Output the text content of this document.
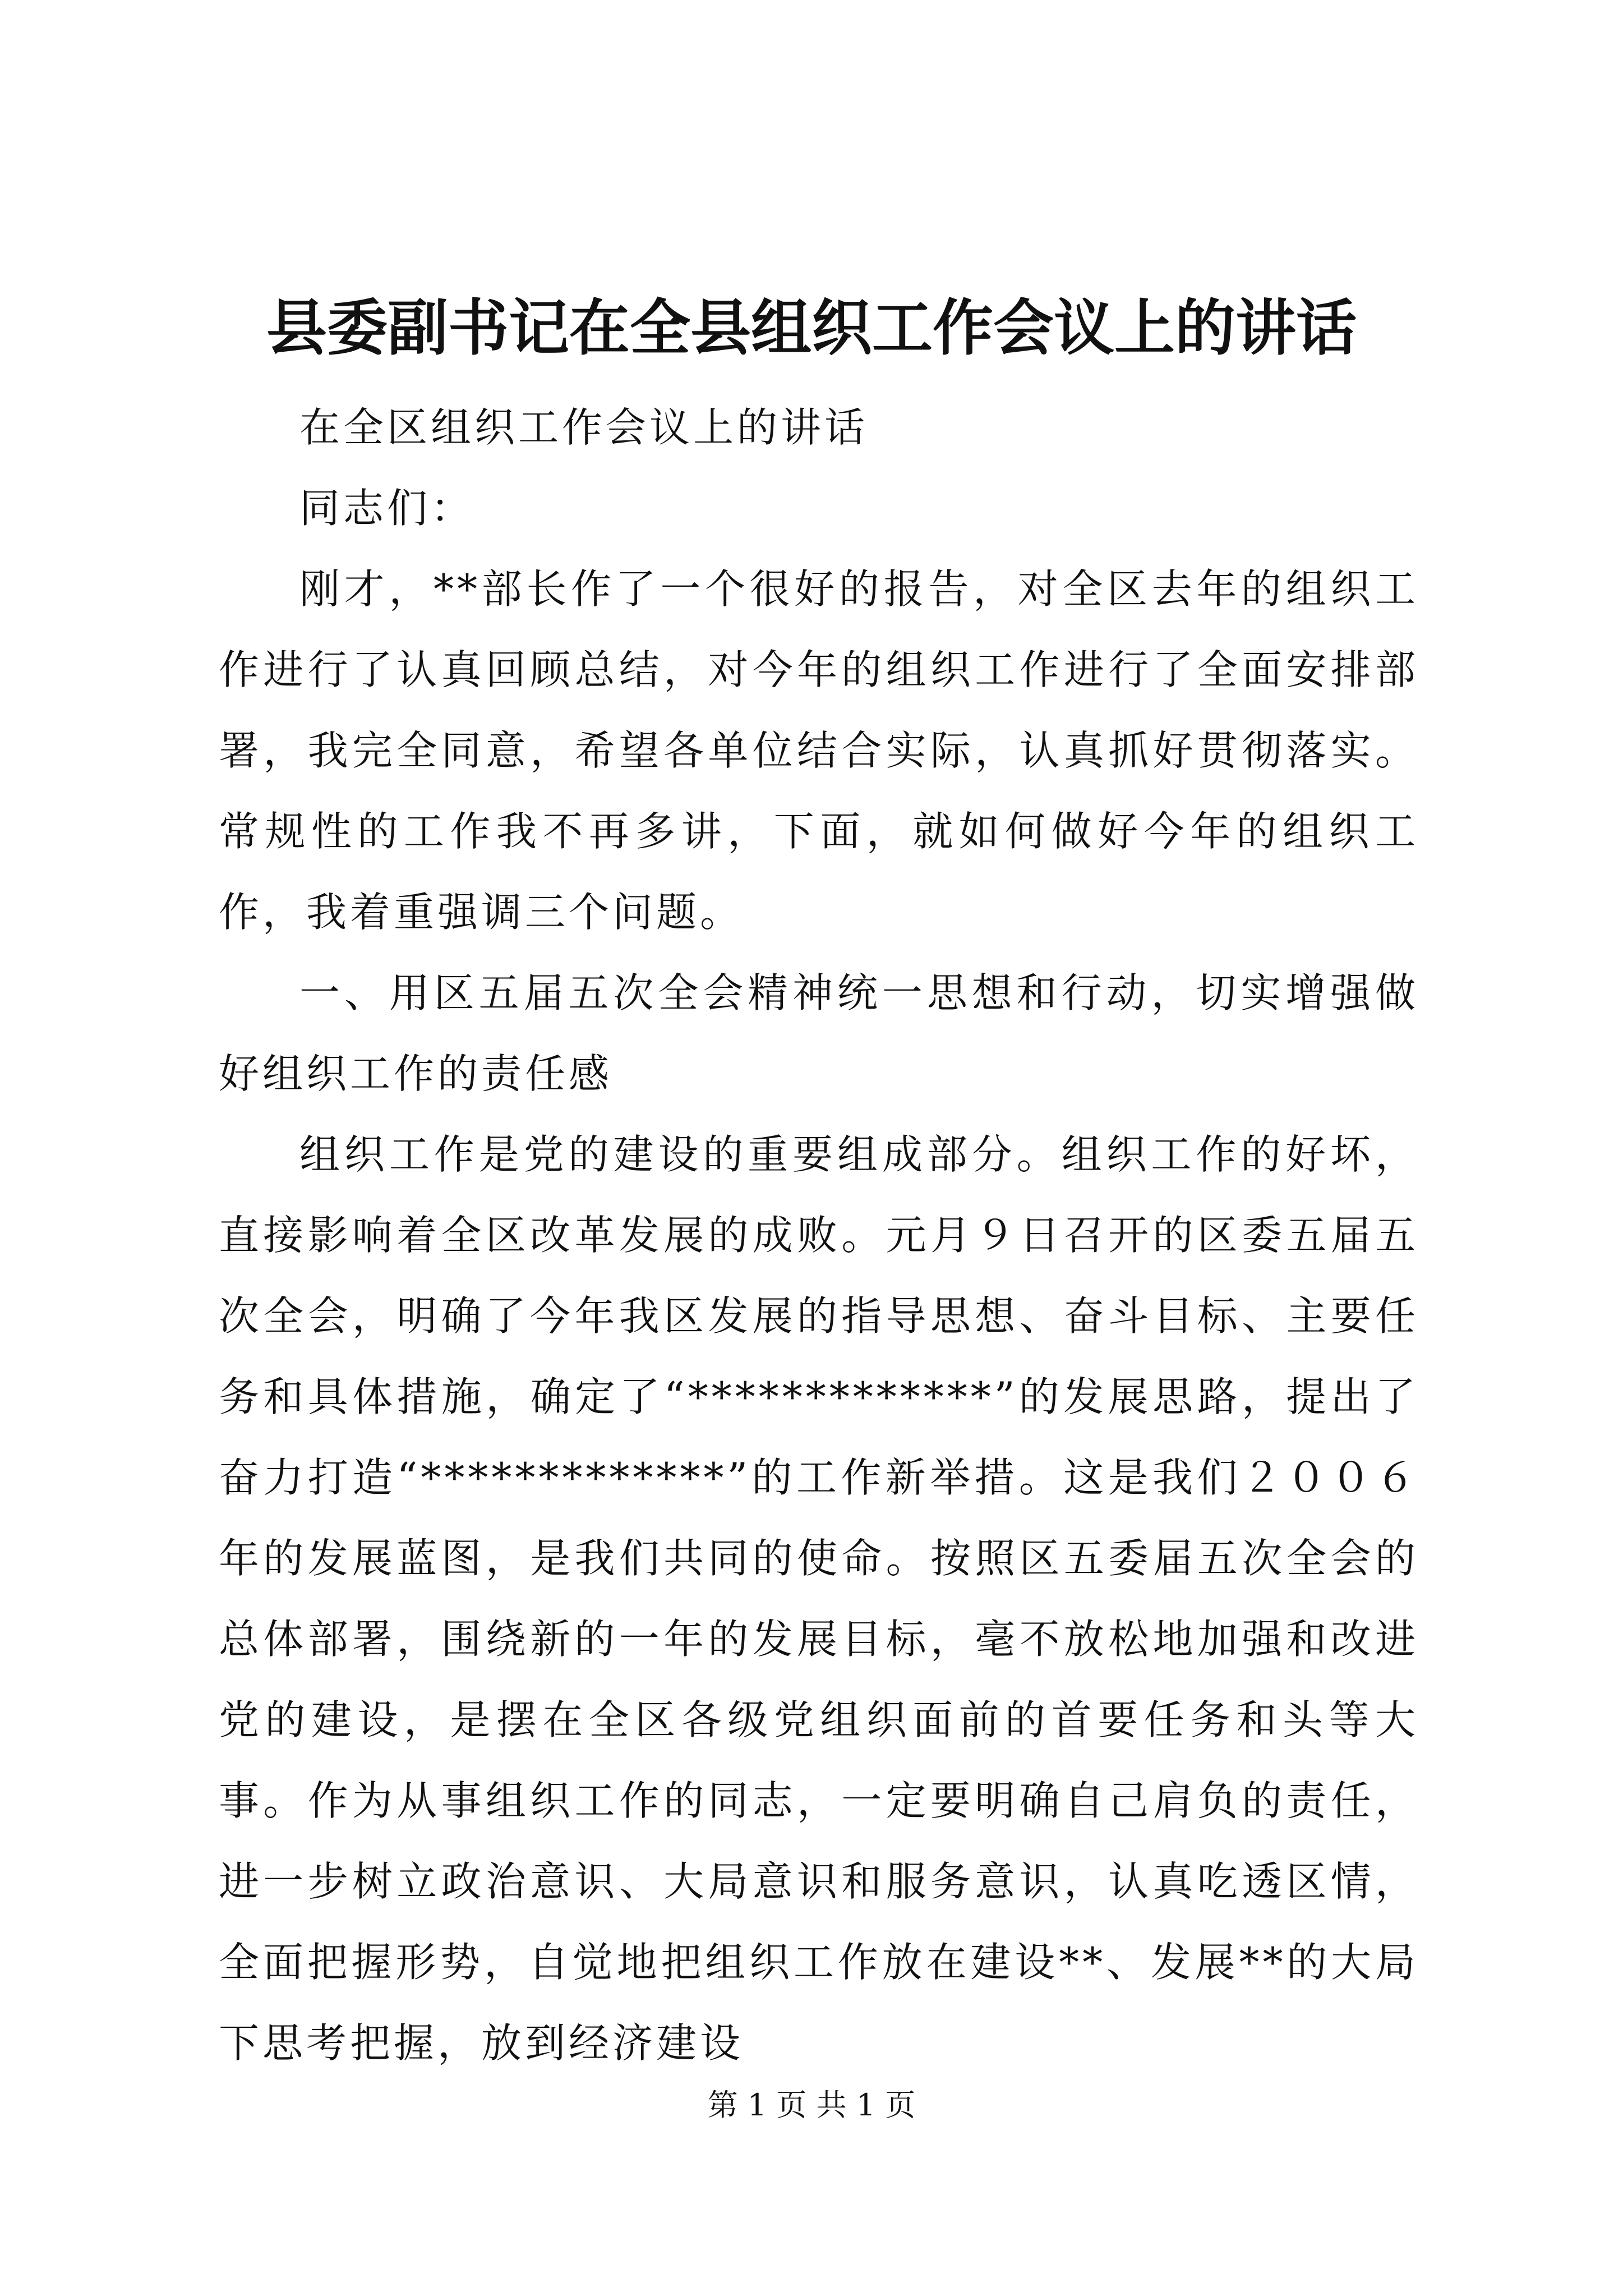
县委副书记在全县组织工作会议上的讲话

在全区组织工作会议上的讲话

同志们：

刚才，**部长作了一个很好的报告，对全区去年的组织工作进行了认真回顾总结，对今年的组织工作进行了全面安排部署，我完全同意，希望各单位结合实际，认真抓好贯彻落实。常规性的工作我不再多讲，下面，就如何做好今年的组织工作，我着重强调三个问题。

一、用区五届五次全会精神统一思想和行动，切实增强做好组织工作的责任感

组织工作是党的建设的重要组成部分。组织工作的好坏，直接影响着全区改革发展的成败。元月９日召开的区委五届五次全会，明确了今年我区发展的指导思想、奋斗目标、主要任务和具体措施，确定了“*************”的发展思路，提出了奋力打造“*************”的工作新举措。这是我们２００６年的发展蓝图，是我们共同的使命。按照区五委届五次全会的总体部署，围绕新的一年的发展目标，毫不放松地加强和改进党的建设，是摆在全区各级党组织面前的首要任务和头等大事。作为从事组织工作的同志，一定要明确自己肩负的责任，进一步树立政治意识、大局意识和服务意识，认真吃透区情，全面把握形势，自觉地把组织工作放在建设**、发展**的大局下思考把握，放到经济建设

第 1 页 共 1 页
